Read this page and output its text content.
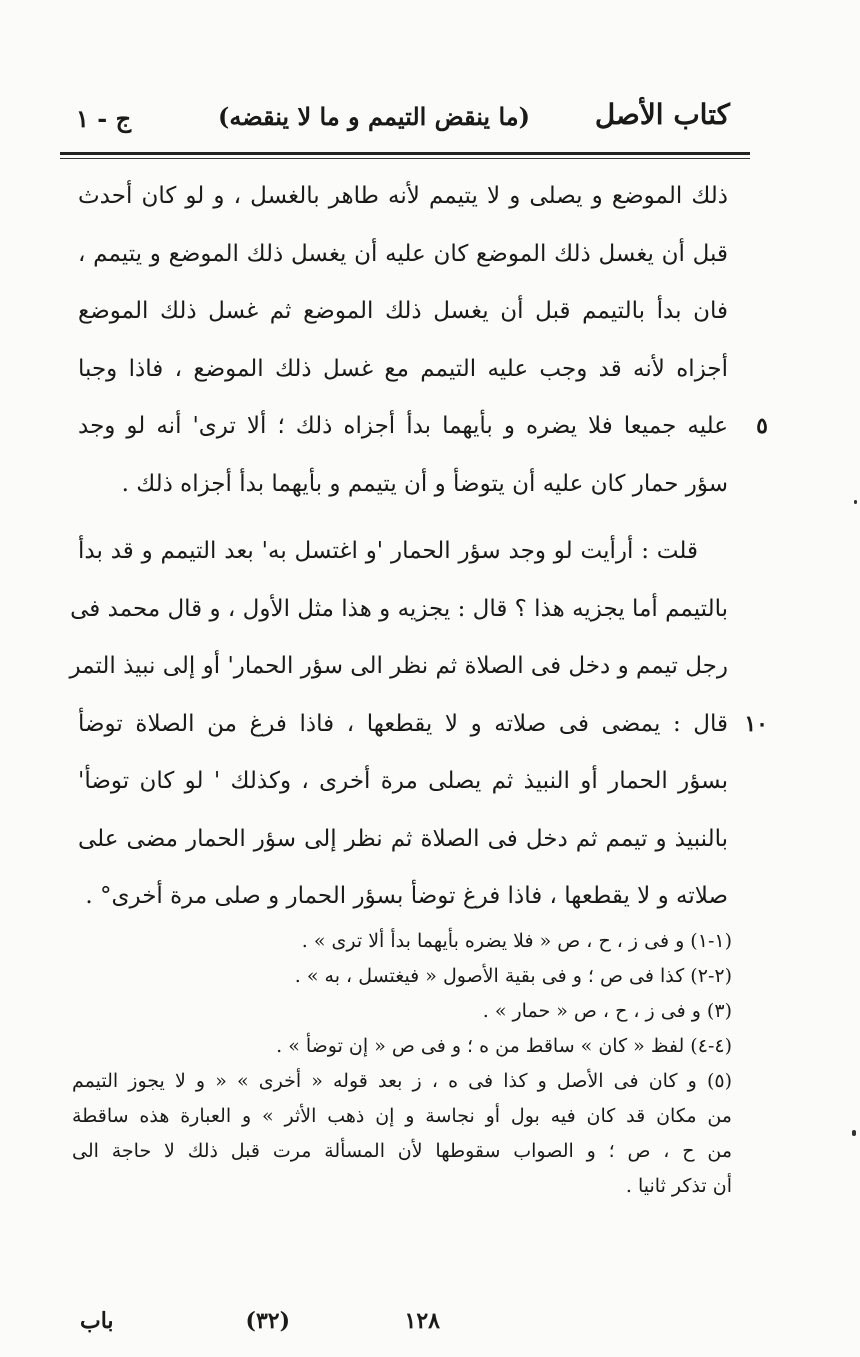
كتاب الأصل
(ما ينقض التيمم و ما لا ينقضه)
ج - ١
ذلك الموضع و يصلى و لا يتيمم لأنه طاهر بالغسل ، و لو كان أحدث
قبل أن يغسل ذلك الموضع كان عليه أن يغسل ذلك الموضع و يتيمم ،
فان بدأ بالتيمم قبل أن يغسل ذلك الموضع ثم غسل ذلك الموضع
أجزاه لأنه قد وجب عليه التيمم مع غسل ذلك الموضع ، فاذا وجبا
٥
عليه جميعا فلا يضره و بأيهما بدأ أجزاه ذلك ؛ ألا ترى' أنه لو وجد
سؤر حمار كان عليه أن يتوضأ و أن يتيمم و بأيهما بدأ أجزاه ذلك .
قلت : أرأيت لو وجد سؤر الحمار 'و اغتسل به' بعد التيمم و قد بدأ
بالتيمم أما يجزيه هذا ؟ قال : يجزيه و هذا مثل الأول ، و قال محمد فى
رجل تيمم و دخل فى الصلاة ثم نظر الى سؤر الحمار' أو إلى نبيذ التمر
١٠
قال : يمضى فى صلاته و لا يقطعها ، فاذا فرغ من الصلاة توضأ
بسؤر الحمار أو النبيذ ثم يصلى مرة أخرى ، وكذلك ' لو كان توضأ'
بالنبيذ و تيمم ثم دخل فى الصلاة ثم نظر إلى سؤر الحمار مضى على
صلاته و لا يقطعها ، فاذا فرغ توضأ بسؤر الحمار و صلى مرة أخرى° .
(١-١) و فى ز ، ح ، ص « فلا يضره بأيهما بدأ ألا ترى » .
(٢-٢) كذا فى ص ؛ و فى بقية الأصول « فيغتسل ، به » .
(٣) و فى ز ، ح ، ص « حمار » .
(٤-٤) لفظ « كان » ساقط من ه ؛ و فى ص « إن توضأ » .
(٥) و كان فى الأصل و كذا فى ه ، ز بعد قوله « أخرى » « و لا يجوز التيمم
من مكان قد كان فيه بول أو نجاسة و إن ذهب الأثر » و العبارة هذه ساقطة
من ح ، ص ؛ و الصواب سقوطها لأن المسألة مرت قبل ذلك لا حاجة الى
أن تذكر ثانيا .
١٢٨
(٣٢)
باب
